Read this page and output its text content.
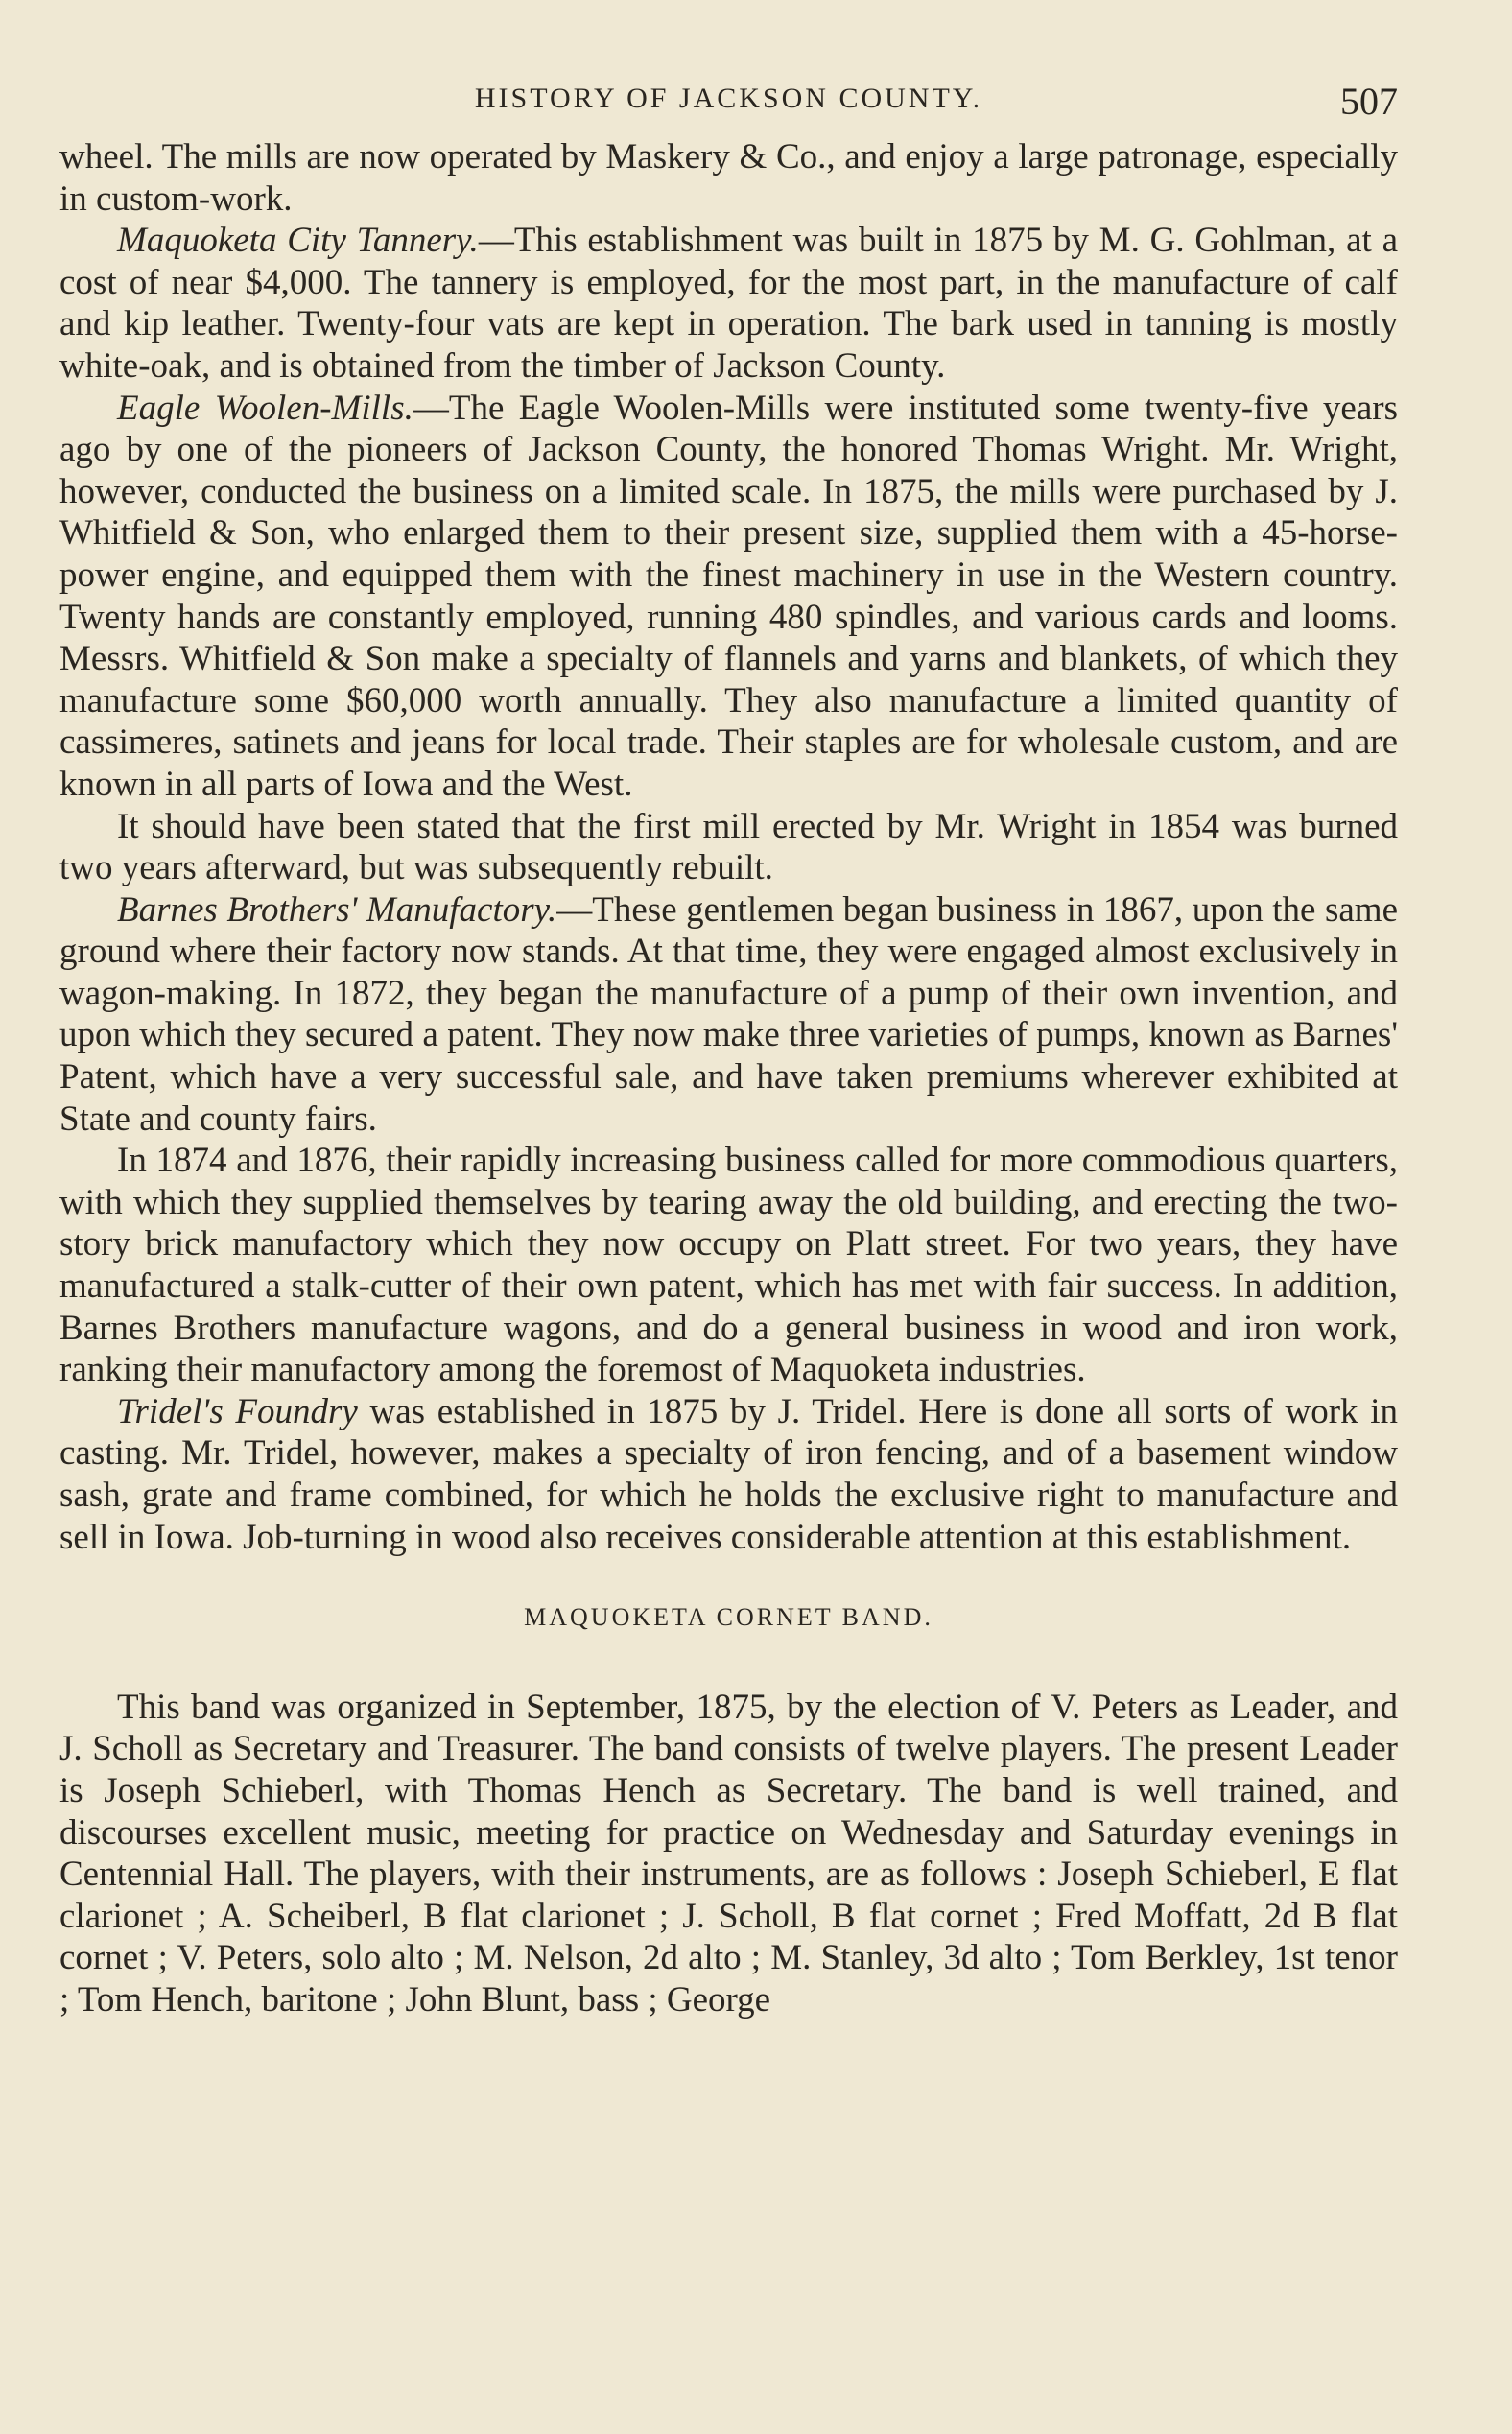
HISTORY OF JACKSON COUNTY.	507

wheel. The mills are now operated by Maskery & Co., and enjoy a large patronage, especially in custom-work.

Maquoketa City Tannery.—This establishment was built in 1875 by M. G. Gohlman, at a cost of near $4,000. The tannery is employed, for the most part, in the manufacture of calf and kip leather. Twenty-four vats are kept in operation. The bark used in tanning is mostly white-oak, and is obtained from the timber of Jackson County.

Eagle Woolen-Mills.—The Eagle Woolen-Mills were instituted some twenty-five years ago by one of the pioneers of Jackson County, the honored Thomas Wright. Mr. Wright, however, conducted the business on a limited scale. In 1875, the mills were purchased by J. Whitfield & Son, who enlarged them to their present size, supplied them with a 45-horse-power engine, and equipped them with the finest machinery in use in the Western country. Twenty hands are constantly employed, running 480 spindles, and various cards and looms. Messrs. Whitfield & Son make a specialty of flannels and yarns and blankets, of which they manufacture some $60,000 worth annually. They also manufacture a limited quantity of cassimeres, satinets and jeans for local trade. Their staples are for wholesale custom, and are known in all parts of Iowa and the West.

It should have been stated that the first mill erected by Mr. Wright in 1854 was burned two years afterward, but was subsequently rebuilt.

Barnes Brothers' Manufactory.—These gentlemen began business in 1867, upon the same ground where their factory now stands. At that time, they were engaged almost exclusively in wagon-making. In 1872, they began the manufacture of a pump of their own invention, and upon which they secured a patent. They now make three varieties of pumps, known as Barnes' Patent, which have a very successful sale, and have taken premiums wherever exhibited at State and county fairs.

In 1874 and 1876, their rapidly increasing business called for more commodious quarters, with which they supplied themselves by tearing away the old building, and erecting the two-story brick manufactory which they now occupy on Platt street. For two years, they have manufactured a stalk-cutter of their own patent, which has met with fair success. In addition, Barnes Brothers manufacture wagons, and do a general business in wood and iron work, ranking their manufactory among the foremost of Maquoketa industries.

Tridel's Foundry was established in 1875 by J. Tridel. Here is done all sorts of work in casting. Mr. Tridel, however, makes a specialty of iron fencing, and of a basement window sash, grate and frame combined, for which he holds the exclusive right to manufacture and sell in Iowa. Job-turning in wood also receives considerable attention at this establishment.

MAQUOKETA CORNET BAND.

This band was organized in September, 1875, by the election of V. Peters as Leader, and J. Scholl as Secretary and Treasurer. The band consists of twelve players. The present Leader is Joseph Schieberl, with Thomas Hench as Secretary. The band is well trained, and discourses excellent music, meeting for practice on Wednesday and Saturday evenings in Centennial Hall. The players, with their instruments, are as follows : Joseph Schieberl, E flat clarionet ; A. Scheiberl, B flat clarionet ; J. Scholl, B flat cornet ; Fred Moffatt, 2d B flat cornet ; V. Peters, solo alto ; M. Nelson, 2d alto ; M. Stanley, 3d alto ; Tom Berkley, 1st tenor ; Tom Hench, baritone ; John Blunt, bass ; George
